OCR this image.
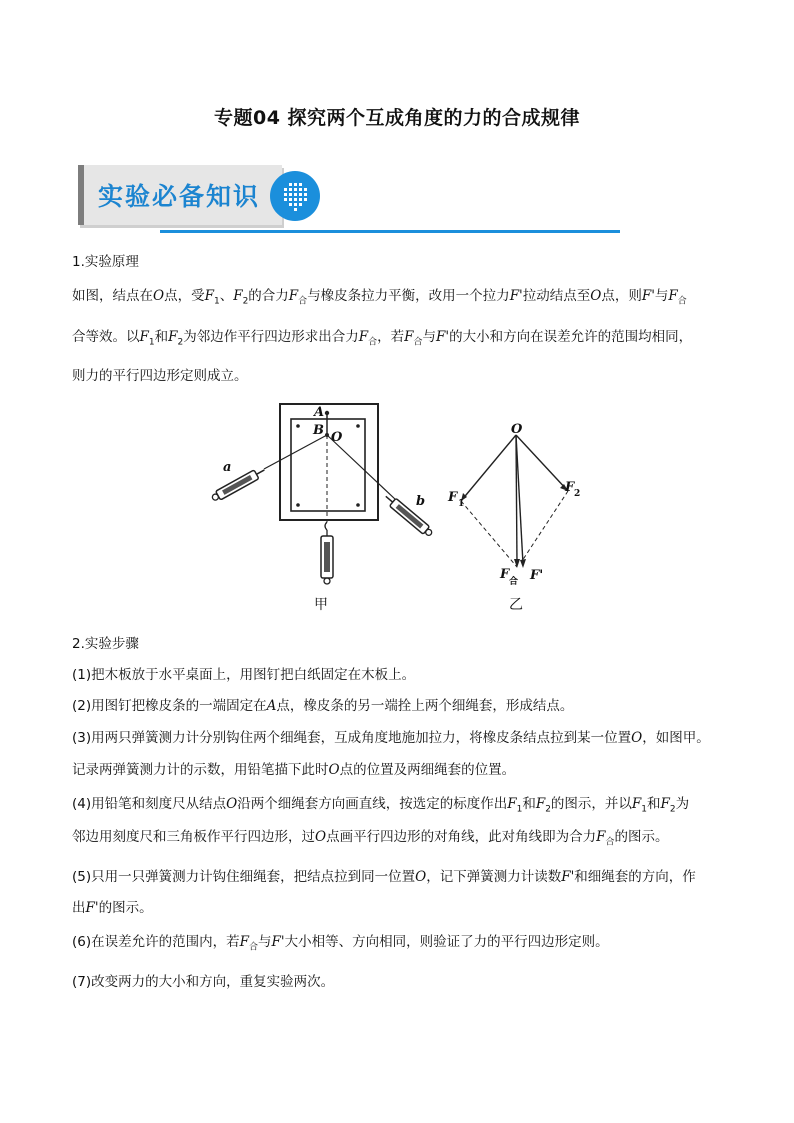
专题04 探究两个互成角度的力的合成规律
实验必备知识
1.实验原理
如图，结点在O点，受$F_1$、$F_2$的合力$F_合$与橡皮条拉力平衡，改用一个拉力F'拉动结点至O点，则F'与$F_合$
合等效。以$F_1$和$F_2$为邻边作平行四边形求出合力$F_合$，若$F_合$与F'的大小和方向在误差允许的范围均相同，
则力的平行四边形定则成立。
A
B O
a
b
O
F 1
F 2
F 合 F'
甲	乙
2.实验步骤
(1)把木板放于水平桌面上，用图钉把白纸固定在木板上。
(2)用图钉把橡皮条的一端固定在A点，橡皮条的另一端拴上两个细绳套，形成结点。
(3)用两只弹簧测力计分别钩住两个细绳套，互成角度地施加拉力，将橡皮条结点拉到某一位置O，如图甲。
记录两弹簧测力计的示数，用铅笔描下此时O点的位置及两细绳套的位置。
(4)用铅笔和刻度尺从结点O沿两个细绳套方向画直线，按选定的标度作出$F_1$和$F_2$的图示，并以$F_1$和$F_2$为
邻边用刻度尺和三角板作平行四边形，过O点画平行四边形的对角线，此对角线即为合力$F_合$的图示。
(5)只用一只弹簧测力计钩住细绳套，把结点拉到同一位置O，记下弹簧测力计读数F'和细绳套的方向，作
出F'的图示。
(6)在误差允许的范围内，若$F_合$与F'大小相等、方向相同，则验证了力的平行四边形定则。
(7)改变两力的大小和方向，重复实验两次。
